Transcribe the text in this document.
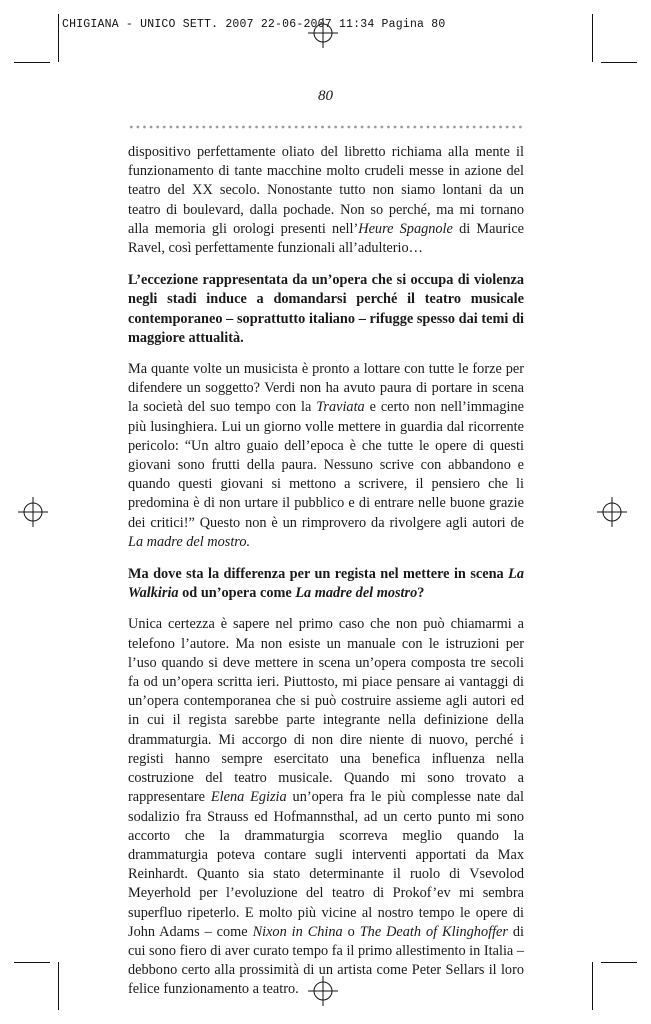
CHIGIANA - UNICO SETT. 2007 22-06-2007 11:34 Pagina 80
80

dispositivo perfettamente oliato del libretto richiama alla mente il funzionamento di tante macchine molto crudeli messe in azione del teatro del XX secolo. Nonostante tutto non siamo lontani da un teatro di boulevard, dalla pochade. Non so perché, ma mi tornano alla memoria gli orologi presenti nell’Heure Spagnole di Maurice Ravel, così perfettamente funzionali all’adulterio…

L’eccezione rappresentata da un’opera che si occupa di violenza negli stadi induce a domandarsi perché il teatro musicale contemporaneo – soprattutto italiano – rifugge spesso dai temi di maggiore attualità.

Ma quante volte un musicista è pronto a lottare con tutte le forze per difendere un soggetto? Verdi non ha avuto paura di portare in scena la società del suo tempo con la Traviata e certo non nell’immagine più lusinghiera. Lui un giorno volle mettere in guardia dal ricorrente pericolo: “Un altro guaio dell’epoca è che tutte le opere di questi giovani sono frutti della paura. Nessuno scrive con abbandono e quando questi giovani si mettono a scrivere, il pensiero che li predomina è di non urtare il pubblico e di entrare nelle buone grazie dei critici!” Questo non è un rimprovero da rivolgere agli autori de La madre del mostro.

Ma dove sta la differenza per un regista nel mettere in scena La Walkiria od un’opera come La madre del mostro?

Unica certezza è sapere nel primo caso che non può chiamarmi a telefono l’autore. Ma non esiste un manuale con le istruzioni per l’uso quando si deve mettere in scena un’opera composta tre secoli fa od un’opera scritta ieri. Piuttosto, mi piace pensare ai vantaggi di un’opera contemporanea che si può costruire assieme agli autori ed in cui il regista sarebbe parte integrante nella definizione della drammaturgia. Mi accorgo di non dire niente di nuovo, perché i registi hanno sempre esercitato una benefica influenza nella costruzione del teatro musicale. Quando mi sono trovato a rappresentare Elena Egizia un’opera fra le più complesse nate dal sodalizio fra Strauss ed Hofmannsthal, ad un certo punto mi sono accorto che la drammaturgia scorreva meglio quando la drammaturgia poteva contare sugli interventi apportati da Max Reinhardt. Quanto sia stato determinante il ruolo di Vsevolod Meyerhold per l’evoluzione del teatro di Prokof’ev mi sembra superfluo ripeterlo. E molto più vicine al nostro tempo le opere di John Adams – come Nixon in China o The Death of Klinghoffer di cui sono fiero di aver curato tempo fa il primo allestimento in Italia – debbono certo alla prossimità di un artista come Peter Sellars il loro felice funzionamento a teatro.
